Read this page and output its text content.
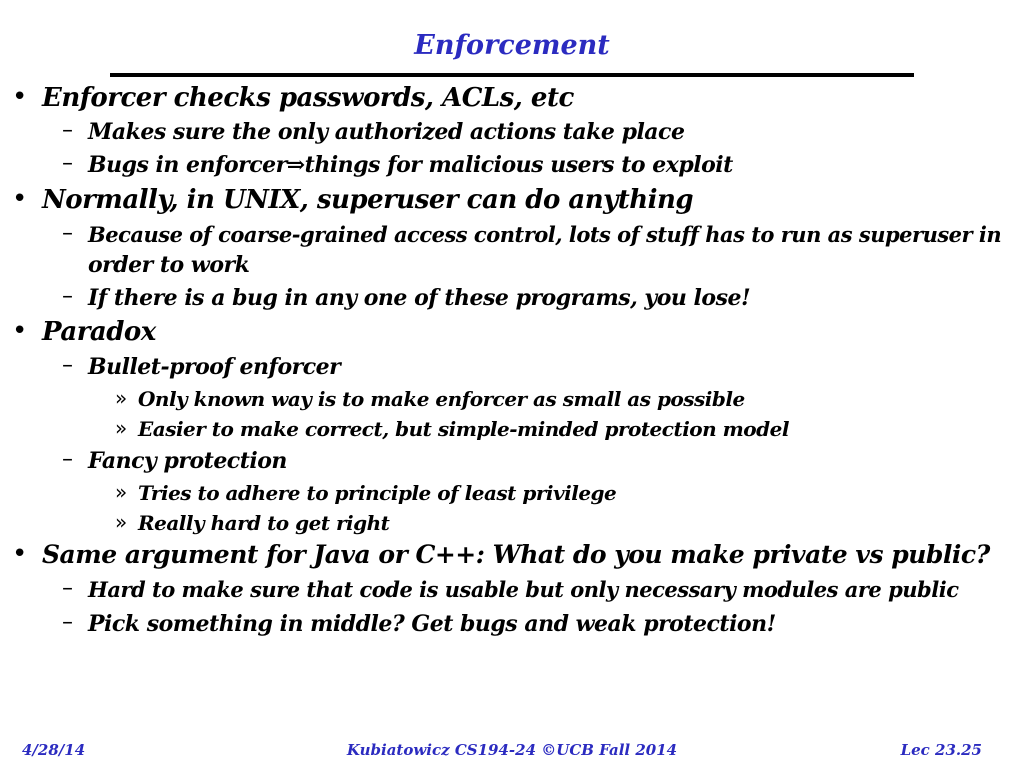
Enforcement
• Enforcer checks passwords, ACLs, etc
– Makes sure the only authorized actions take place
– Bugs in enforcer⇒things for malicious users to exploit
• Normally, in UNIX, superuser can do anything
– Because of coarse-grained access control, lots of stuff has to run as superuser in
order to work
– If there is a bug in any one of these programs, you lose!
• Paradox
– Bullet-proof enforcer
» Only known way is to make enforcer as small as possible
» Easier to make correct, but simple-minded protection model
– Fancy protection
» Tries to adhere to principle of least privilege
» Really hard to get right
• Same argument for Java or C++: What do you make private vs public?
– Hard to make sure that code is usable but only necessary modules are public
– Pick something in middle? Get bugs and weak protection!
4/28/14	Kubiatowicz CS194-24 ©UCB Fall 2014	Lec 23.25
